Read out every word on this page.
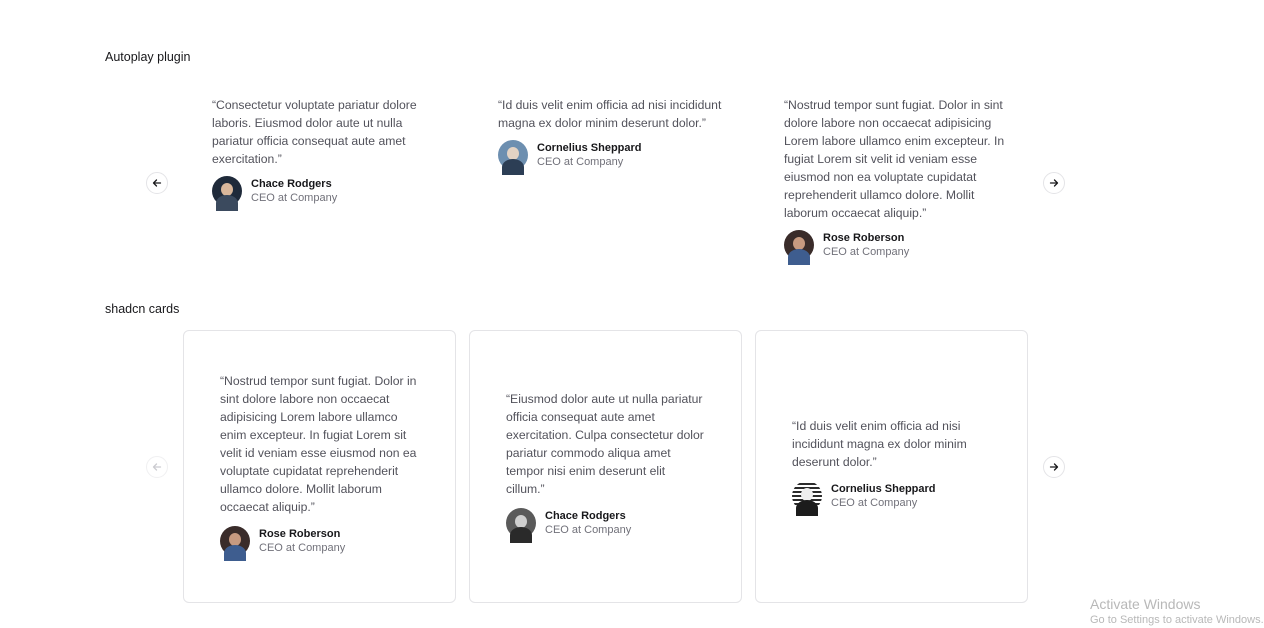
Autoplay plugin

“Consectetur voluptate pariatur dolore laboris. Eiusmod dolor aute ut nulla pariatur officia consequat aute amet exercitation.”

Chace Rodgers
CEO at Company

“Id duis velit enim officia ad nisi incididunt magna ex dolor minim deserunt dolor.”

Cornelius Sheppard
CEO at Company

“Nostrud tempor sunt fugiat. Dolor in sint dolore labore non occaecat adipisicing Lorem labore ullamco enim excepteur. In fugiat Lorem sit velit id veniam esse eiusmod non ea voluptate cupidatat reprehenderit ullamco dolore. Mollit laborum occaecat aliquip.”

Rose Roberson
CEO at Company
shadcn cards

“Nostrud tempor sunt fugiat. Dolor in sint dolore labore non occaecat adipisicing Lorem labore ullamco enim excepteur. In fugiat Lorem sit velit id veniam esse eiusmod non ea voluptate cupidatat reprehenderit ullamco dolore. Mollit laborum occaecat aliquip.”

Rose Roberson
CEO at Company

“Eiusmod dolor aute ut nulla pariatur officia consequat aute amet exercitation. Culpa consectetur dolor pariatur commodo aliqua amet tempor nisi enim deserunt elit cillum.”

Chace Rodgers
CEO at Company

“Id duis velit enim officia ad nisi incididunt magna ex dolor minim deserunt dolor.”

Cornelius Sheppard
CEO at Company
Activate Windows
Go to Settings to activate Windows.
